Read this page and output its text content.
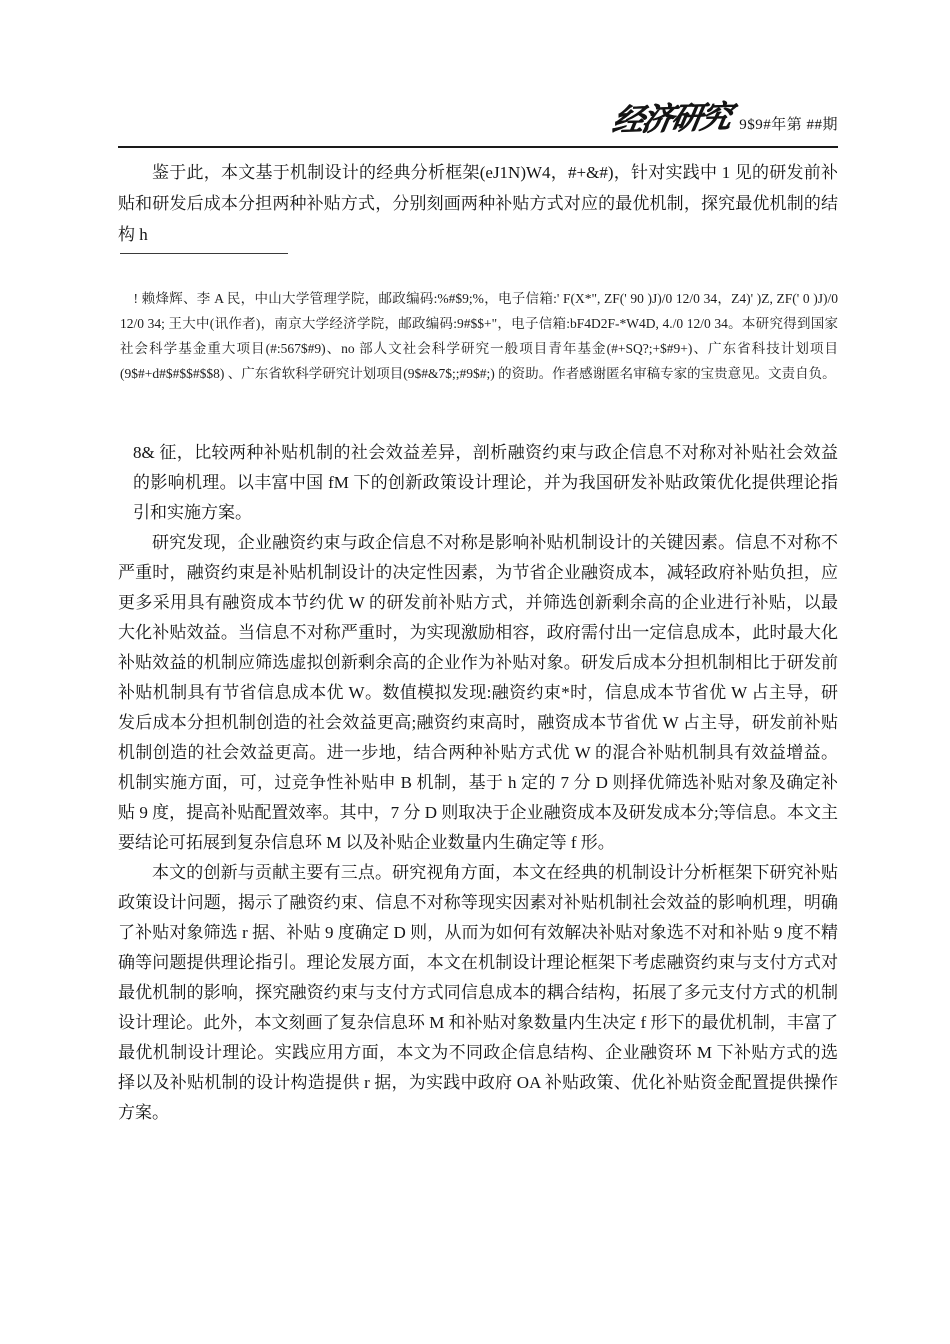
经济研究 9$9#年第 ##期

鉴于此，本文基于机制设计的经典分析框架(eJ1N)W4，#+&#)，针对实践中 1 见的研发前补贴和研发后成本分担两种补贴方式，分别刻画两种补贴方式对应的最优机制，探究最优机制的结构 h

! 赖烽辉、李 A 民，中山大学管理学院，邮政编码:%#$9;%，电子信箱:' F(X*", ZF(' 90 )J)/0 12/0 34，Z4)' )Z, ZF(' 0 )J)/0 12/0 34; 王大中(讯作者)，南京大学经济学院，邮政编码:9#$$+"，电子信箱:bF4D2F-*W4D, 4./0 12/0 34。本研究得到国家社会科学基金重大项目(#:567$#9)、no 部人文社会科学研究一般项目青年基金(#+SQ?;+$#9+)、广东省科技计划项目(9$#+d#$#$$#$$8) 、广东省软科学研究计划项目(9$#&7$;;#9$#;) 的资助。作者感谢匿名审稿专家的宝贵意见。文责自负。

8& 征，比较两种补贴机制的社会效益差异，剖析融资约束与政企信息不对称对补贴社会效益的影响机理。以丰富中国 fM 下的创新政策设计理论，并为我国研发补贴政策优化提供理论指引和实施方案。

研究发现，企业融资约束与政企信息不对称是影响补贴机制设计的关键因素。信息不对称不严重时，融资约束是补贴机制设计的决定性因素，为节省企业融资成本，减轻政府补贴负担，应更多采用具有融资成本节约优 W 的研发前补贴方式，并筛选创新剩余高的企业进行补贴，以最大化补贴效益。当信息不对称严重时，为实现激励相容，政府需付出一定信息成本，此时最大化补贴效益的机制应筛选虚拟创新剩余高的企业作为补贴对象。研发后成本分担机制相比于研发前补贴机制具有节省信息成本优 W。数值模拟发现:融资约束*时，信息成本节省优 W 占主导，研发后成本分担机制创造的社会效益更高;融资约束高时，融资成本节省优 W 占主导，研发前补贴机制创造的社会效益更高。进一步地，结合两种补贴方式优 W 的混合补贴机制具有效益增益。机制实施方面，可，过竞争性补贴申 B 机制，基于 h 定的 7 分 D 则择优筛选补贴对象及确定补贴 9 度，提高补贴配置效率。其中，7 分 D 则取决于企业融资成本及研发成本分;等信息。本文主要结论可拓展到复杂信息环 M 以及补贴企业数量内生确定等 f 形。

本文的创新与贡献主要有三点。研究视角方面，本文在经典的机制设计分析框架下研究补贴政策设计问题，揭示了融资约束、信息不对称等现实因素对补贴机制社会效益的影响机理，明确了补贴对象筛选 r 据、补贴 9 度确定 D 则，从而为如何有效解决补贴对象选不对和补贴 9 度不精确等问题提供理论指引。理论发展方面，本文在机制设计理论框架下考虑融资约束与支付方式对最优机制的影响，探究融资约束与支付方式同信息成本的耦合结构，拓展了多元支付方式的机制设计理论。此外，本文刻画了复杂信息环 M 和补贴对象数量内生决定 f 形下的最优机制，丰富了最优机制设计理论。实践应用方面，本文为不同政企信息结构、企业融资环 M 下补贴方式的选择以及补贴机制的设计构造提供 r 据，为实践中政府 OA 补贴政策、优化补贴资金配置提供操作方案。
